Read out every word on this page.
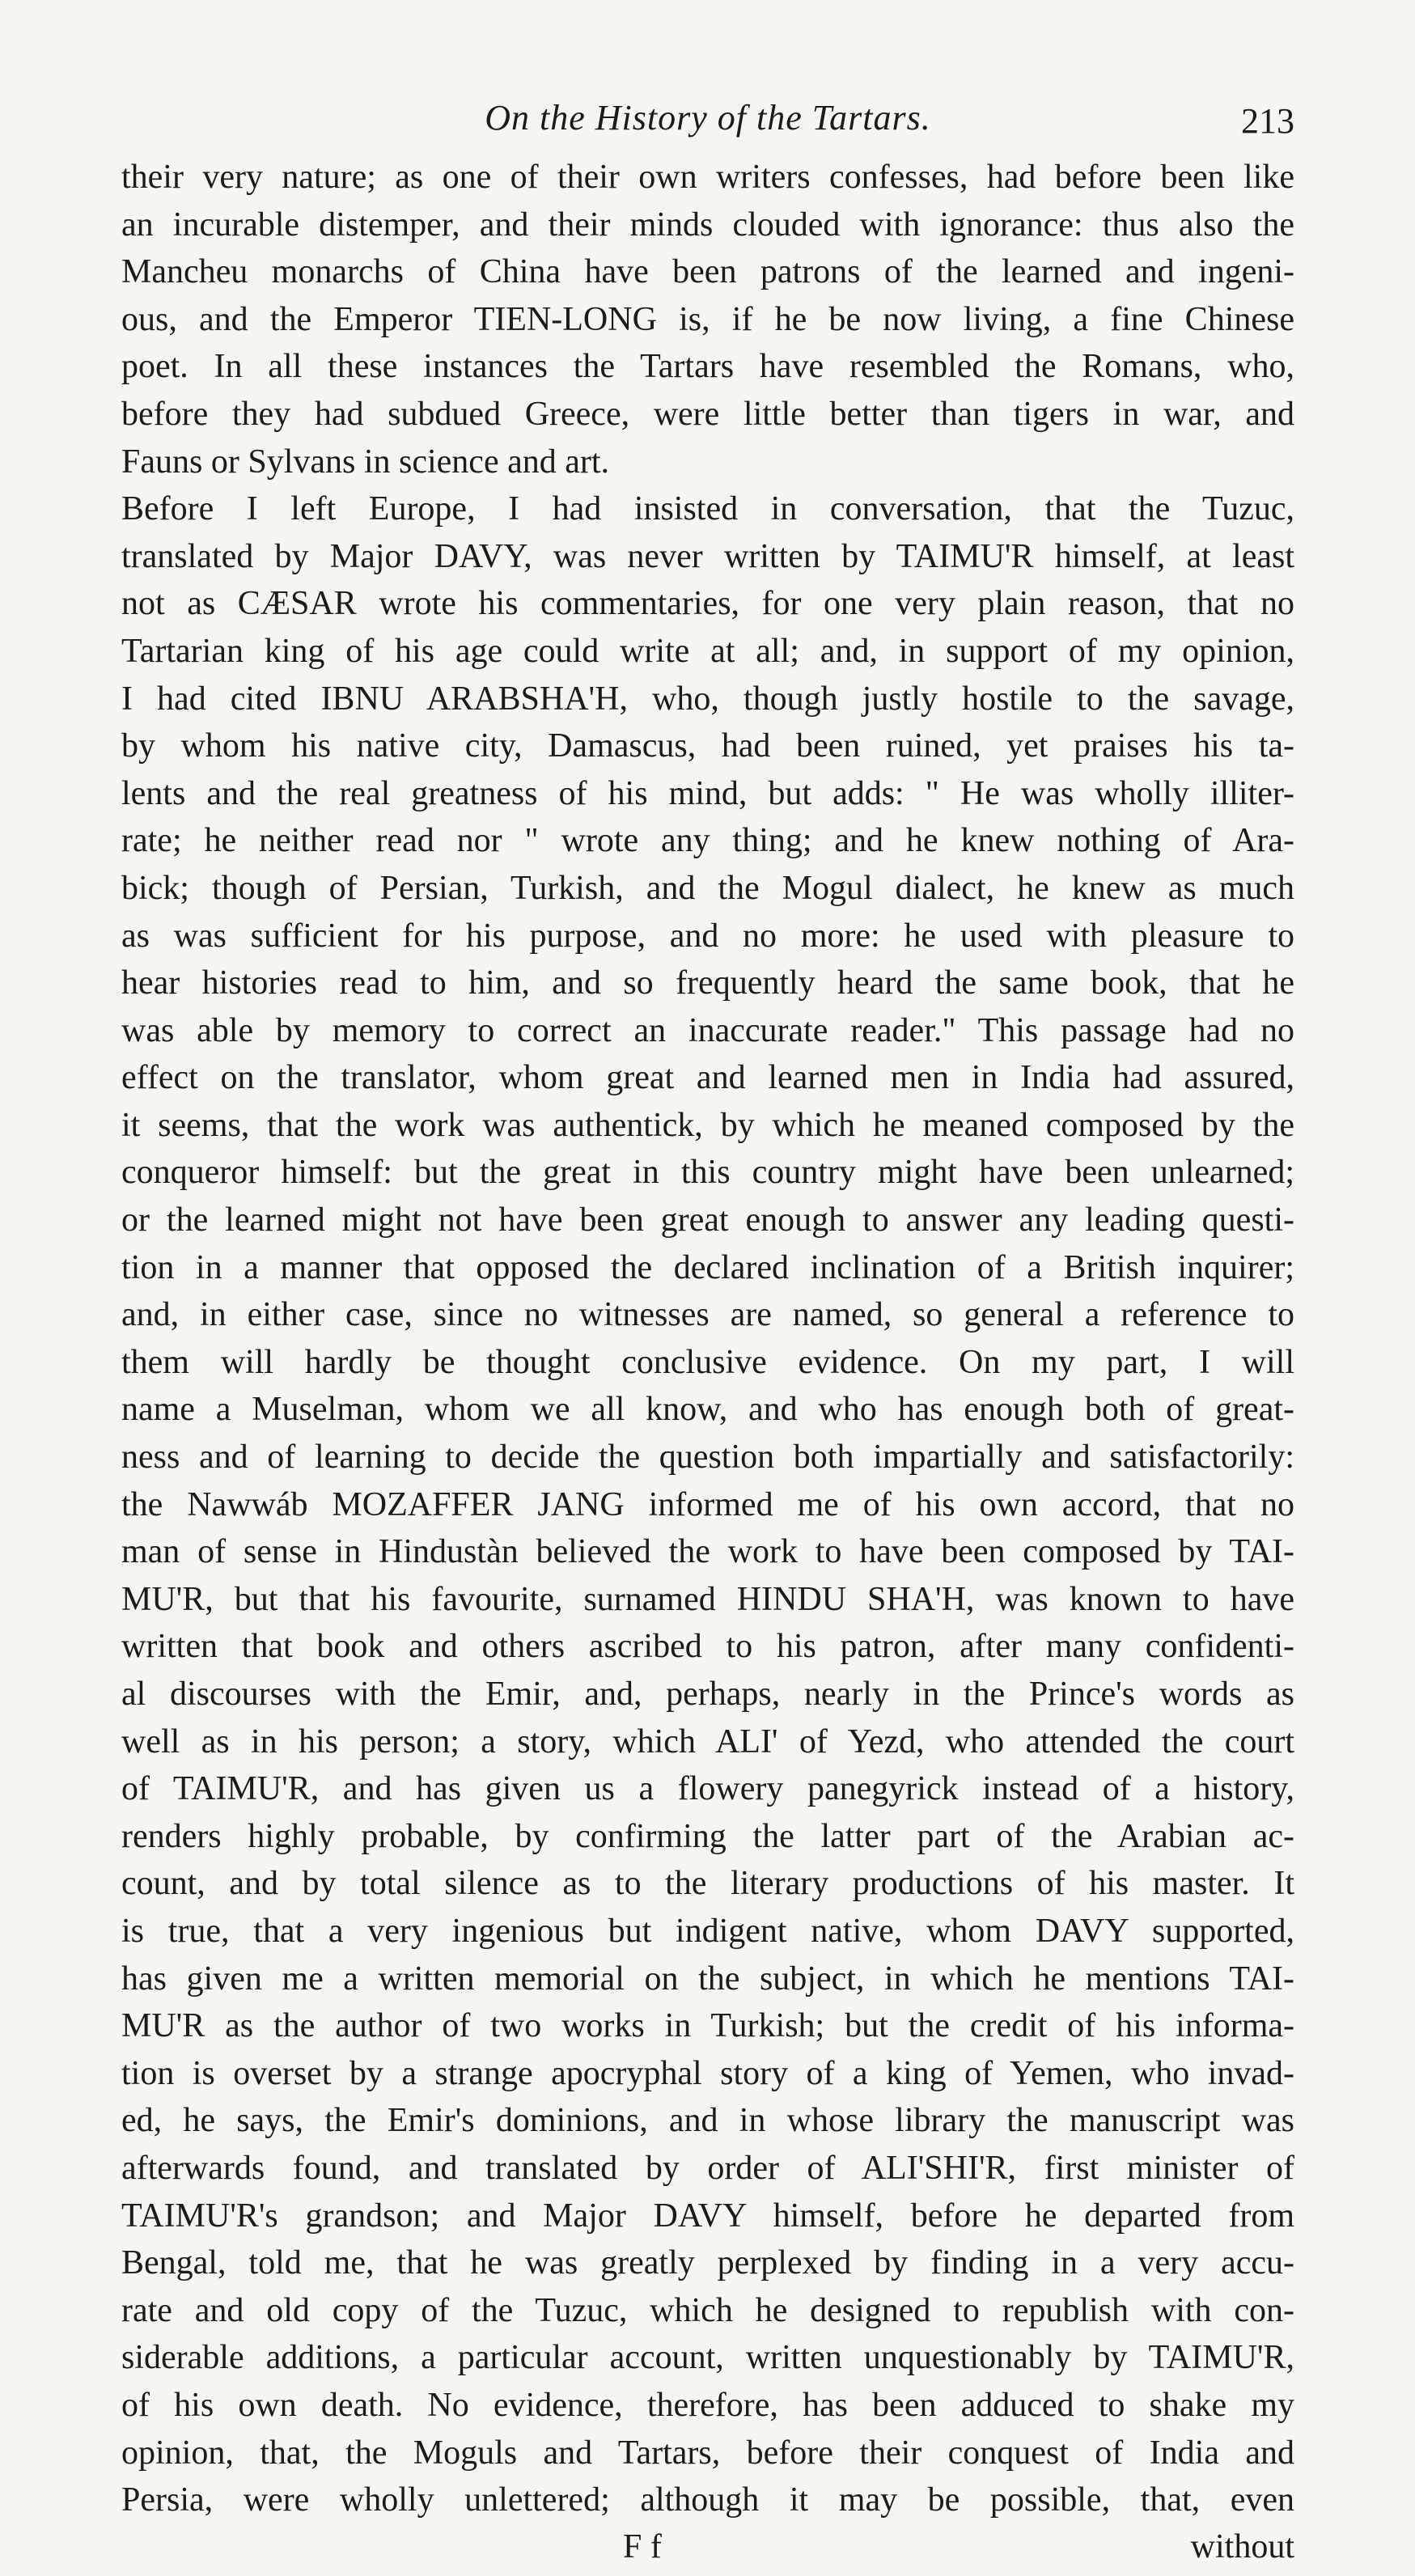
On the History of the Tartars.	213
their very nature; as one of their own writers confesses, had before been like
an incurable distemper, and their minds clouded with ignorance: thus also the
Mancheu monarchs of China have been patrons of the learned and ingeni-
ous, and the Emperor TIEN-LONG is, if he be now living, a fine Chinese
poet. In all these instances the Tartars have resembled the Romans, who,
before they had subdued Greece, were little better than tigers in war, and
Fauns or Sylvans in science and art.
Before I left Europe, I had insisted in conversation, that the Tuzuc,
translated by Major DAVY, was never written by TAIMU'R himself, at least
not as CÆSAR wrote his commentaries, for one very plain reason, that no
Tartarian king of his age could write at all; and, in support of my opinion,
I had cited IBNU ARABSHA'H, who, though justly hostile to the savage,
by whom his native city, Damascus, had been ruined, yet praises his ta-
lents and the real greatness of his mind, but adds: " He was wholly illiter-
rate; he neither read nor " wrote any thing; and he knew nothing of Ara-
bick; though of Persian, Turkish, and the Mogul dialect, he knew as much
as was sufficient for his purpose, and no more: he used with pleasure to
hear histories read to him, and so frequently heard the same book, that he
was able by memory to correct an inaccurate reader." This passage had no
effect on the translator, whom great and learned men in India had assured,
it seems, that the work was authentick, by which he meaned composed by the
conqueror himself: but the great in this country might have been unlearned;
or the learned might not have been great enough to answer any leading questi-
tion in a manner that opposed the declared inclination of a British inquirer;
and, in either case, since no witnesses are named, so general a reference to
them will hardly be thought conclusive evidence. On my part, I will
name a Muselman, whom we all know, and who has enough both of great-
ness and of learning to decide the question both impartially and satisfactorily:
the Nawwáb MOZAFFER JANG informed me of his own accord, that no
man of sense in Hindustàn believed the work to have been composed by TAI-
MU'R, but that his favourite, surnamed HINDU SHA'H, was known to have
written that book and others ascribed to his patron, after many confidenti-
al discourses with the Emir, and, perhaps, nearly in the Prince's words as
well as in his person; a story, which ALI' of Yezd, who attended the court
of TAIMU'R, and has given us a flowery panegyrick instead of a history,
renders highly probable, by confirming the latter part of the Arabian ac-
count, and by total silence as to the literary productions of his master. It
is true, that a very ingenious but indigent native, whom DAVY supported,
has given me a written memorial on the subject, in which he mentions TAI-
MU'R as the author of two works in Turkish; but the credit of his informa-
tion is overset by a strange apocryphal story of a king of Yemen, who invad-
ed, he says, the Emir's dominions, and in whose library the manuscript was
afterwards found, and translated by order of ALI'SHI'R, first minister of
TAIMU'R's grandson; and Major DAVY himself, before he departed from
Bengal, told me, that he was greatly perplexed by finding in a very accu-
rate and old copy of the Tuzuc, which he designed to republish with con-
siderable additions, a particular account, written unquestionably by TAIMU'R,
of his own death. No evidence, therefore, has been adduced to shake my
opinion, that, the Moguls and Tartars, before their conquest of India and
Persia, were wholly unlettered; although it may be possible, that, even
F f	without
